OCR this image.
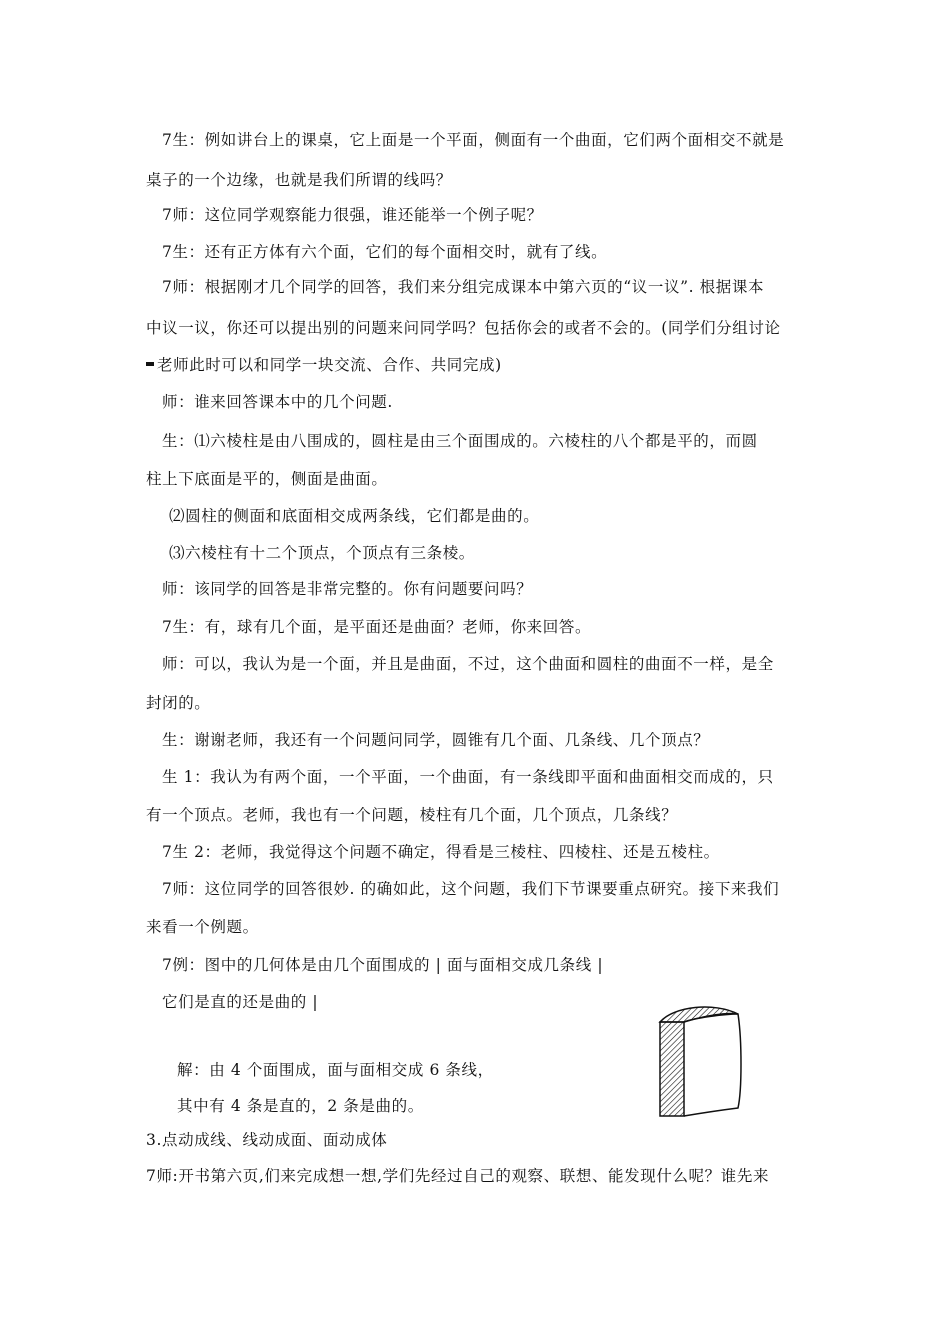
7生：例如讲台上的课桌，它上面是一个平面，侧面有一个曲面，它们两个面相交不就是
桌子的一个边缘，也就是我们所谓的线吗？
7师：这位同学观察能力很强，谁还能举一个例子呢？
7生：还有正方体有六个面，它们的每个面相交时，就有了线。
7师：根据刚才几个同学的回答，我们来分组完成课本中第六页的“议一议”. 根据课本
中议一议，你还可以提出别的问题来问同学吗？包括你会的或者不会的。(同学们分组讨论
老师此时可以和同学一块交流、合作、共同完成)
师：谁来回答课本中的几个问题.
生：⑴六棱柱是由八围成的，圆柱是由三个面围成的。六棱柱的八个都是平的，而圆
柱上下底面是平的，侧面是曲面。
⑵圆柱的侧面和底面相交成两条线，它们都是曲的。
⑶六棱柱有十二个顶点，个顶点有三条棱。
师：该同学的回答是非常完整的。你有问题要问吗？
7生：有，球有几个面，是平面还是曲面？老师，你来回答。
师：可以，我认为是一个面，并且是曲面，不过，这个曲面和圆柱的曲面不一样，是全
封闭的。
生：谢谢老师，我还有一个问题问同学，圆锥有几个面、几条线、几个顶点？
生 1：我认为有两个面，一个平面，一个曲面，有一条线即平面和曲面相交而成的，只
有一个顶点。老师，我也有一个问题，棱柱有几个面，几个顶点，几条线？
7生 2：老师，我觉得这个问题不确定，得看是三棱柱、四棱柱、还是五棱柱。
7师：这位同学的回答很妙. 的确如此，这个问题，我们下节课要重点研究。接下来我们
来看一个例题。
7例：图中的几何体是由几个面围成的 | 面与面相交成几条线 |
它们是直的还是曲的 |
解：由 4 个面围成，面与面相交成 6 条线，
其中有 4 条是直的，2 条是曲的。
3.点动成线、线动成面、面动成体
7师:开书第六页,们来完成想一想,学们先经过自己的观察、联想、能发现什么呢？谁先来
